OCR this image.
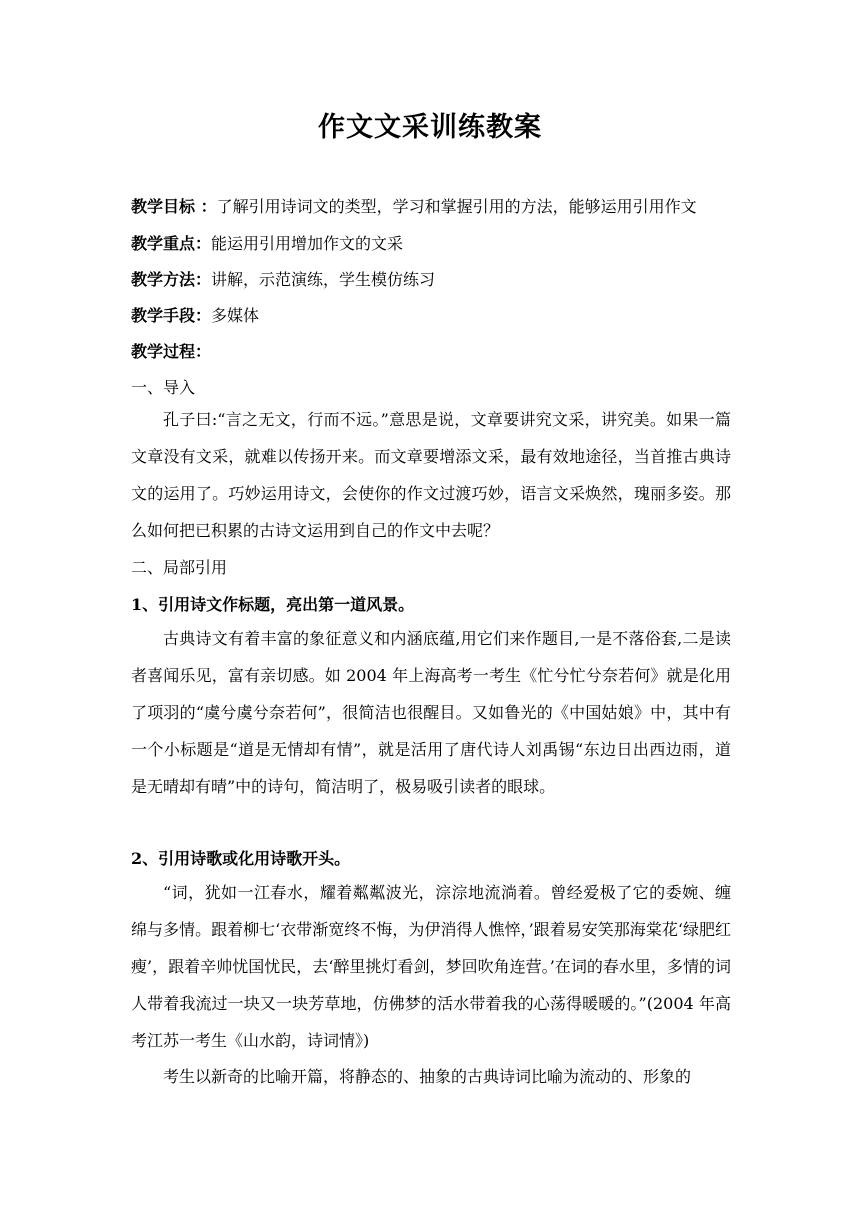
作文文采训练教案
教学目标 ：了解引用诗词文的类型，学习和掌握引用的方法，能够运用引用作文
教学重点：能运用引用增加作文的文采
教学方法：讲解，示范演练，学生模仿练习
教学手段：多媒体
教学过程：
一、导入

孔子曰:“言之无文，行而不远。”意思是说，文章要讲究文采，讲究美。如果一篇文章没有文采，就难以传扬开来。而文章要增添文采，最有效地途径，当首推古典诗文的运用了。巧妙运用诗文，会使你的作文过渡巧妙，语言文采焕然，瑰丽多姿。那么如何把已积累的古诗文运用到自己的作文中去呢？

二、局部引用
1、引用诗文作标题，亮出第一道风景。

古典诗文有着丰富的象征意义和内涵底蕴,用它们来作题目,一是不落俗套,二是读者喜闻乐见，富有亲切感。如 2004 年上海高考一考生《忙兮忙兮奈若何》就是化用了项羽的“虞兮虞兮奈若何”，很简洁也很醒目。又如鲁光的《中国姑娘》中，其中有一个小标题是“道是无情却有情”，就是活用了唐代诗人刘禹锡“东边日出西边雨，道是无晴却有晴”中的诗句，简洁明了，极易吸引读者的眼球。

2、引用诗歌或化用诗歌开头。

“词，犹如一江春水，耀着粼粼波光，淙淙地流淌着。曾经爱极了它的委婉、缠绵与多情。跟着柳七‘衣带渐宽终不悔，为伊消得人憔悴，’跟着易安笑那海棠花‘绿肥红瘦’，跟着辛帅忧国忧民，去‘醉里挑灯看剑，梦回吹角连营。’在词的春水里，多情的词人带着我流过一块又一块芳草地，仿佛梦的活水带着我的心荡得暖暖的。”(2004 年高考江苏一考生《山水韵，诗词情》)

考生以新奇的比喻开篇，将静态的、抽象的古典诗词比喻为流动的、形象的
